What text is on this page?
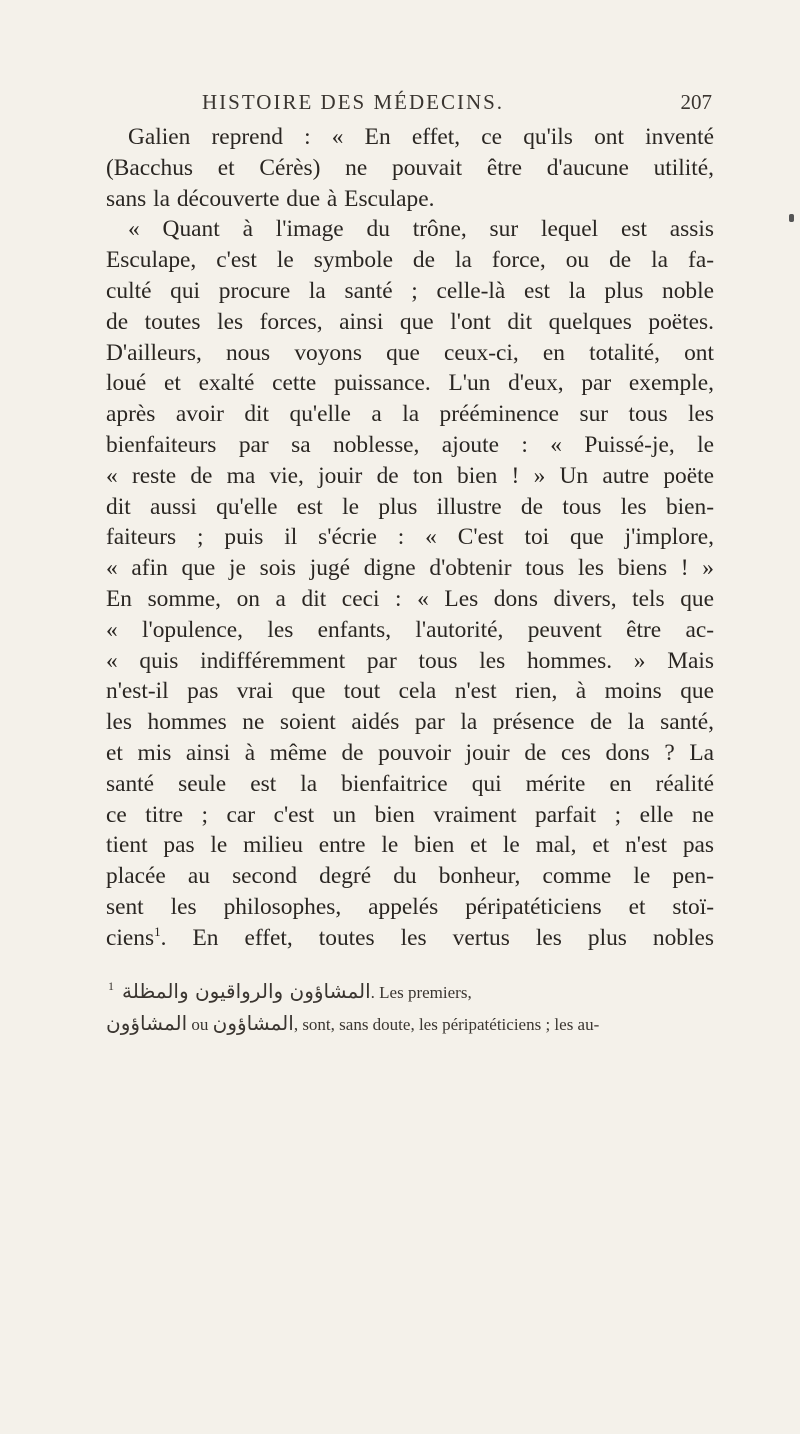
HISTOIRE DES MÉDECINS.	207
Galien reprend : « En effet, ce qu'ils ont inventé
(Bacchus et Cérès) ne pouvait être d'aucune utilité,
sans la découverte due à Esculape.
« Quant à l'image du trône, sur lequel est assis
Esculape, c'est le symbole de la force, ou de la fa-
culté qui procure la santé ; celle-là est la plus noble
de toutes les forces, ainsi que l'ont dit quelques poëtes.
D'ailleurs, nous voyons que ceux-ci, en totalité, ont
loué et exalté cette puissance. L'un d'eux, par exemple,
après avoir dit qu'elle a la prééminence sur tous les
bienfaiteurs par sa noblesse, ajoute : « Puissé-je, le
« reste de ma vie, jouir de ton bien ! » Un autre poëte
dit aussi qu'elle est le plus illustre de tous les bien-
faiteurs ; puis il s'écrie : « C'est toi que j'implore,
« afin que je sois jugé digne d'obtenir tous les biens ! »
En somme, on a dit ceci : « Les dons divers, tels que
« l'opulence, les enfants, l'autorité, peuvent être ac-
« quis indifféremment par tous les hommes. » Mais
n'est-il pas vrai que tout cela n'est rien, à moins que
les hommes ne soient aidés par la présence de la santé,
et mis ainsi à même de pouvoir jouir de ces dons ? La
santé seule est la bienfaitrice qui mérite en réalité
ce titre ; car c'est un bien vraiment parfait ; elle ne
tient pas le milieu entre le bien et le mal, et n'est pas
placée au second degré du bonheur, comme le pen-
sent les philosophes, appelés péripatéticiens et stoï-
ciens$^1$. En effet, toutes les vertus les plus nobles
$^1$ المشاؤون والرواقيون والمظلة. Les premiers,
المشاؤون ou المشاؤون, sont, sans doute, les péripatéticiens ; les au-
